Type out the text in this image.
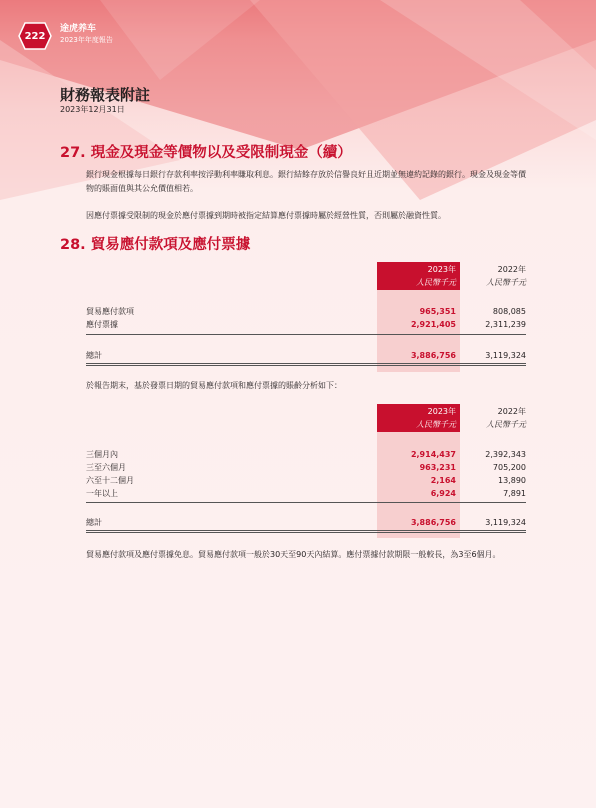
222
途虎养车
2023年年度報告
財務報表附註
2023年12月31日
27. 現金及現金等價物以及受限制現金（續）
銀行現金根據每日銀行存款利率按浮動利率賺取利息。銀行結餘存放於信譽良好且近期並無違約記錄的銀行。現金及現金等價物的賬面值與其公允價值相若。
因應付票據受限制的現金於應付票據到期時被指定結算應付票據時屬於經營性質，否則屬於融資性質。
28. 貿易應付款項及應付票據
2023年
人民幣千元
2022年
人民幣千元
貿易應付款項	965,351	808,085
應付票據	2,921,405	2,311,239
總計	3,886,756	3,119,324
於報告期末，基於發票日期的貿易應付款項和應付票據的賬齡分析如下：
2023年
人民幣千元
2022年
人民幣千元
三個月內	2,914,437	2,392,343
三至六個月	963,231	705,200
六至十二個月	2,164	13,890
一年以上	6,924	7,891
總計	3,886,756	3,119,324
貿易應付款項及應付票據免息。貿易應付款項一般於30天至90天內結算。應付票據付款期限一般較長，為3至6個月。
